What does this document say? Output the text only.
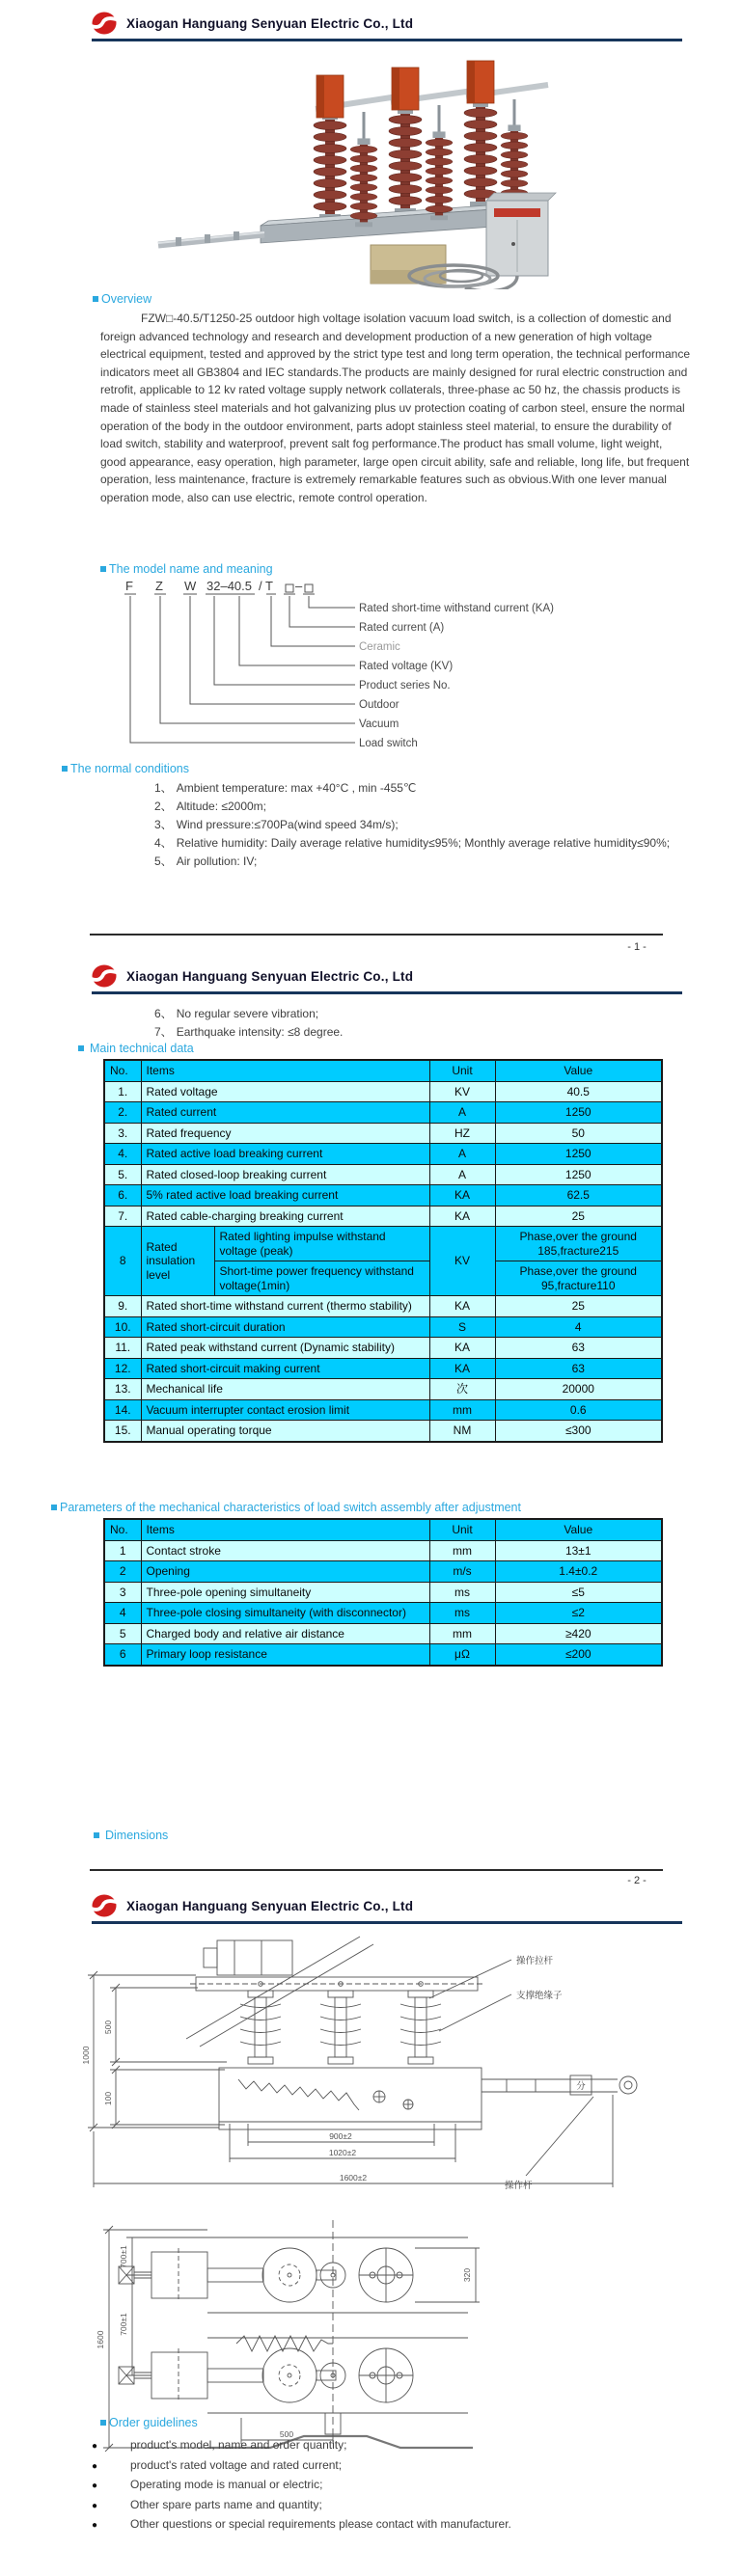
Xiaogan Hanguang Senyuan Electric Co., Ltd
Overview
FZW□-40.5/T1250-25 outdoor high voltage isolation vacuum load switch, is a collection of domestic and foreign advanced technology and research and development production of a new generation of high voltage electrical equipment, tested and approved by the strict type test and long term operation, the technical performance indicators meet all GB3804 and IEC standards.The products are mainly designed for rural electric construction and retrofit, applicable to 12 kv rated voltage supply network collaterals, three-phase ac 50 hz, the chassis products is made of stainless steel materials and hot galvanizing plus uv protection coating of carbon steel, ensure the normal operation of the body in the outdoor environment, parts adopt stainless steel material, to ensure the durability of load switch, stability and waterproof, prevent salt fog performance.The product has small volume, light weight, good appearance, easy operation, high parameter, large open circuit ability, safe and reliable, long life, but frequent operation, less maintenance, fracture is extremely remarkable features such as obvious.With one lever manual operation mode, also can use electric, remote control operation.
The model name and meaning
F Z W 32–40.5 / T –
Rated short-time withstand current (KA)
Rated current (A)
Ceramic
Rated voltage (KV)
Product series No.
Outdoor
Vacuum
Load switch
The normal conditions
1、 Ambient temperature: max +40°C , min -455℃
2、 Altitude: ≤2000m;
3、 Wind pressure:≤700Pa(wind speed 34m/s);
4、 Relative humidity: Daily average relative humidity≤95%; Monthly average relative humidity≤90%;
5、 Air pollution: IV;
- 1 -
Xiaogan Hanguang Senyuan Electric Co., Ltd
6、 No regular severe vibration;
7、 Earthquake intensity: ≤8 degree.
Main technical data
No.	Items		Unit	Value
1.	Rated voltage		KV	40.5
2.	Rated current		A	1250
3.	Rated frequency		HZ	50
4.	Rated active load breaking current		A	1250
5.	Rated closed-loop breaking current		A	1250
6.	5% rated active load breaking current		KA	62.5
7.	Rated cable-charging breaking current		KA	25
8	Rated insulation level	Rated lighting impulse withstand voltage (peak)	KV	Phase,over the ground 185,fracture215
		Short-time power frequency withstand voltage(1min)		Phase,over the ground 95,fracture110
9.	Rated short-time withstand current (thermo stability)		KA	25
10.	Rated short-circuit duration		S	4
11.	Rated peak withstand current (Dynamic stability)		KA	63
12.	Rated short-circuit making current		KA	63
13.	Mechanical life		次	20000
14.	Vacuum interrupter contact erosion limit		mm	0.6
15.	Manual operating torque		NM	≤300
Parameters of the mechanical characteristics of load switch assembly after adjustment
No.	Items	Unit	Value
1	Contact stroke	mm	13±1
2	Opening	m/s	1.4±0.2
3	Three-pole opening simultaneity	ms	≤5
4	Three-pole closing simultaneity (with disconnector)	ms	≤2
5	Charged body and relative air distance	mm	≥420
6	Primary loop resistance	μΩ	≤200
Dimensions
- 2 -
Xiaogan Hanguang Senyuan Electric Co., Ltd
1000
500
100
900±2
1020±2
1600±2
操作拉杆
支撑绝缘子
操作杆
分
1600
700±1
700±1
320
500
Order guidelines
●	product's model, name and order quantity;
●	product's rated voltage and rated current;
●	Operating mode is manual or electric;
●	Other spare parts name and quantity;
●	Other questions or special requirements please contact with manufacturer.
